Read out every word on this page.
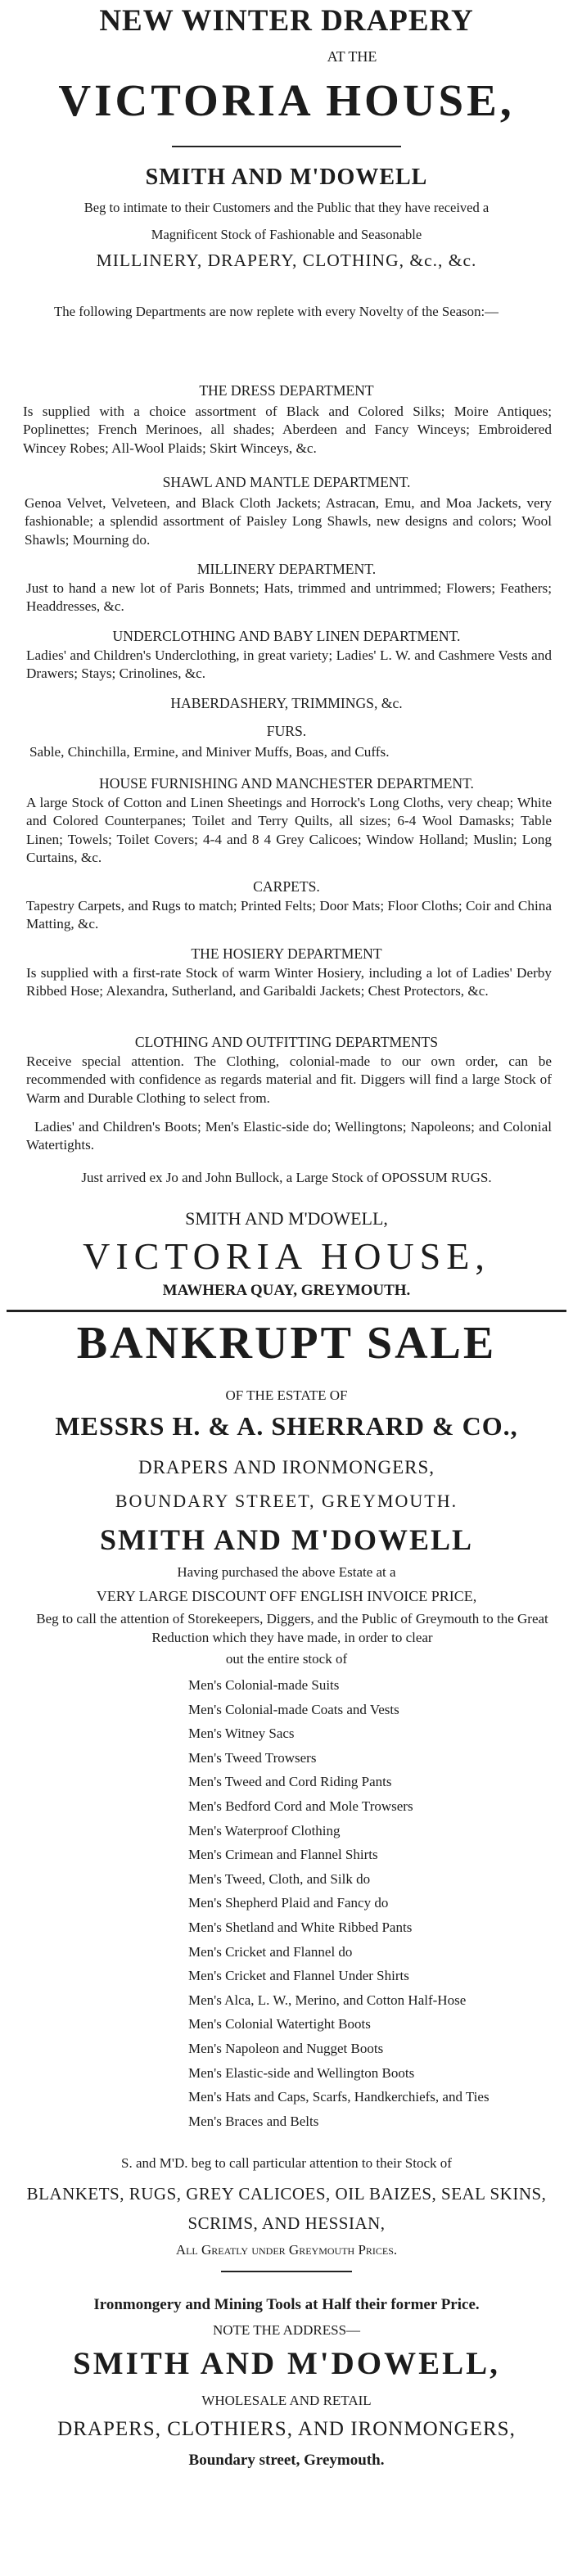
NEW WINTER DRAPERY
AT THE
VICTORIA HOUSE,
SMITH AND M'DOWELL
Beg to intimate to their Customers and the Public that they have received a
Magnificent Stock of Fashionable and Seasonable
MILLINERY, DRAPERY, CLOTHING, &c., &c.
The following Departments are now replete with every Novelty of the Season:—
THE DRESS DEPARTMENT
Is supplied with a choice assortment of Black and Colored Silks; Moire Antiques; Poplinettes; French Merinoes, all shades; Aberdeen and Fancy Winceys; Embroidered Wincey Robes; All-Wool Plaids; Skirt Winceys, &c.
SHAWL AND MANTLE DEPARTMENT.
Genoa Velvet, Velveteen, and Black Cloth Jackets; Astracan, Emu, and Moa Jackets, very fashionable; a splendid assortment of Paisley Long Shawls, new designs and colors; Wool Shawls; Mourning do.
MILLINERY DEPARTMENT.
Just to hand a new lot of Paris Bonnets; Hats, trimmed and untrimmed; Flowers; Feathers; Headdresses, &c.
UNDERCLOTHING AND BABY LINEN DEPARTMENT.
Ladies' and Children's Underclothing, in great variety; Ladies' L. W. and Cashmere Vests and Drawers; Stays; Crinolines, &c.
HABERDASHERY, TRIMMINGS, &c.
FURS.
Sable, Chinchilla, Ermine, and Miniver Muffs, Boas, and Cuffs.
HOUSE FURNISHING AND MANCHESTER DEPARTMENT.
A large Stock of Cotton and Linen Sheetings and Horrock's Long Cloths, very cheap; White and Colored Counterpanes; Toilet and Terry Quilts, all sizes; 6-4 Wool Damasks; Table Linen; Towels; Toilet Covers; 4-4 and 8 4 Grey Calicoes; Window Holland; Muslin; Long Curtains, &c.
CARPETS.
Tapestry Carpets, and Rugs to match; Printed Felts; Door Mats; Floor Cloths; Coir and China Matting, &c.
THE HOSIERY DEPARTMENT
Is supplied with a first-rate Stock of warm Winter Hosiery, including a lot of Ladies' Derby Ribbed Hose; Alexandra, Sutherland, and Garibaldi Jackets; Chest Protectors, &c.
CLOTHING AND OUTFITTING DEPARTMENTS
Receive special attention. The Clothing, colonial-made to our own order, can be recommended with confidence as regards material and fit. Diggers will find a large Stock of Warm and Durable Clothing to select from.
Ladies' and Children's Boots; Men's Elastic-side do; Wellingtons; Napoleons; and Colonial Watertights.
Just arrived ex Jo and John Bullock, a Large Stock of OPOSSUM RUGS.
SMITH AND M'DOWELL,
VICTORIA HOUSE,
MAWHERA QUAY, GREYMOUTH.
BANKRUPT SALE
OF THE ESTATE OF
MESSRS H. & A. SHERRARD & CO.,
DRAPERS AND IRONMONGERS,
BOUNDARY STREET, GREYMOUTH.
SMITH AND M'DOWELL
Having purchased the above Estate at a
VERY LARGE DISCOUNT OFF ENGLISH INVOICE PRICE,
Beg to call the attention of Storekeepers, Diggers, and the Public of Greymouth to the Great Reduction which they have made, in order to clear
out the entire stock of
Men's Colonial-made Suits
Men's Colonial-made Coats and Vests
Men's Witney Sacs
Men's Tweed Trowsers
Men's Tweed and Cord Riding Pants
Men's Bedford Cord and Mole Trowsers
Men's Waterproof Clothing
Men's Crimean and Flannel Shirts
Men's Tweed, Cloth, and Silk do
Men's Shepherd Plaid and Fancy do
Men's Shetland and White Ribbed Pants
Men's Cricket and Flannel do
Men's Cricket and Flannel Under Shirts
Men's Alca, L. W., Merino, and Cotton Half-Hose
Men's Colonial Watertight Boots
Men's Napoleon and Nugget Boots
Men's Elastic-side and Wellington Boots
Men's Hats and Caps, Scarfs, Handkerchiefs, and Ties
Men's Braces and Belts
S. and M'D. beg to call particular attention to their Stock of
BLANKETS, RUGS, GREY CALICOES, OIL BAIZES, SEAL SKINS,
SCRIMS, AND HESSIAN,
All Greatly under Greymouth Prices.
Ironmongery and Mining Tools at Half their former Price.
NOTE THE ADDRESS—
SMITH AND M'DOWELL,
WHOLESALE AND RETAIL
DRAPERS, CLOTHIERS, AND IRONMONGERS,
Boundary street, Greymouth.
